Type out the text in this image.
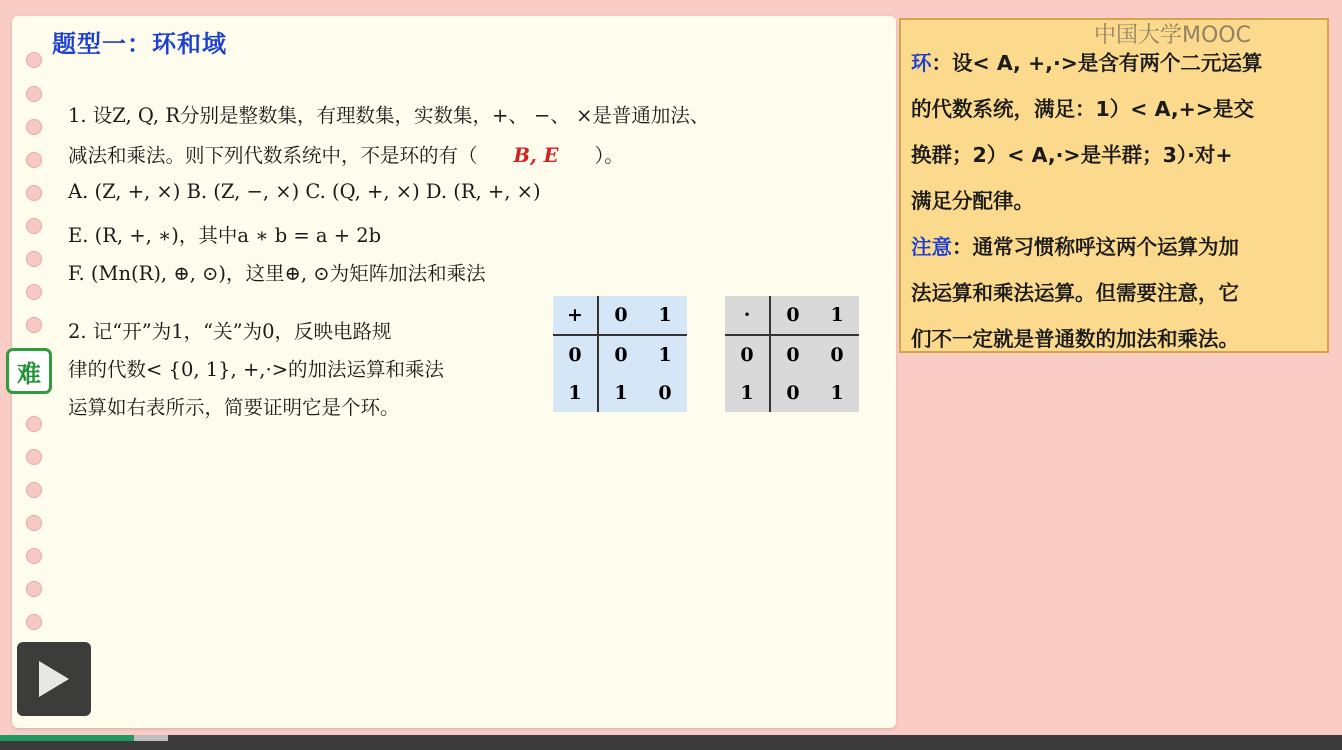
题型一：环和域
1. 设Z, Q, R分别是整数集，有理数集，实数集，+、 −、 ×是普通加法、
减法和乘法。则下列代数系统中，不是环的有（ B, E ）。
A. (Z, +, ×) B. (Z, −, ×) C. (Q, +, ×) D. (R, +, ×)
E. (R, +, ∗)，其中a ∗ b = a + 2b
F. (Mn(R), ⊕, ⊙)，这里⊕, ⊙为矩阵加法和乘法
2. 记“开”为1，“关”为0，反映电路规
律的代数< {0, 1}, +,·>的加法运算和乘法
运算如右表所示，简要证明它是个环。
难
+	0	1
0	0	1
1	1	0
·	0	1
0	0	0
1	0	1
环：设< A, +,·>是含有两个二元运算
的代数系统，满足：1）< A,+>是交
换群；2）< A,·>是半群；3）·对+
满足分配律。
注意：通常习惯称呼这两个运算为加
法运算和乘法运算。但需要注意，它
们不一定就是普通数的加法和乘法。
中国大学MOOC
